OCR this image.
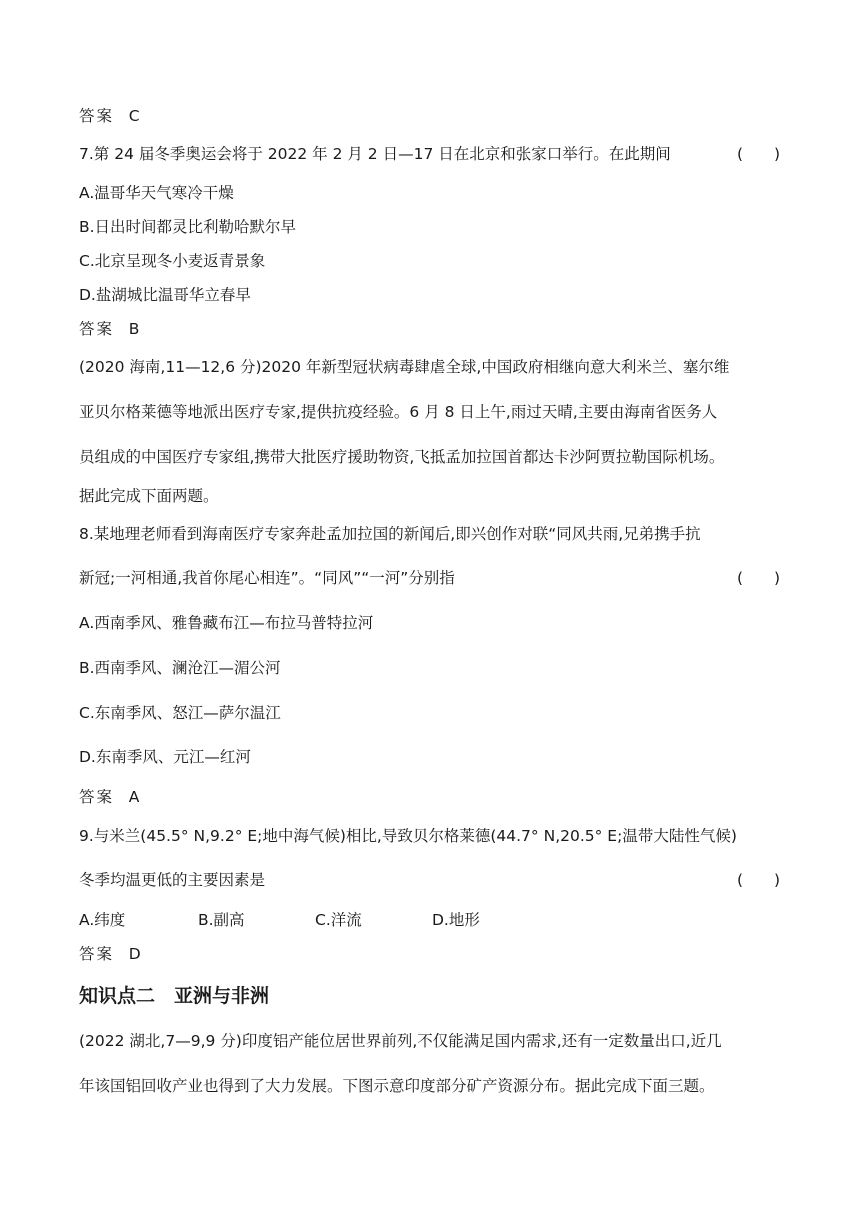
答案 C
7.第 24 届冬季奥运会将于 2022 年 2 月 2 日—17 日在北京和张家口举行。在此期间	(　　)
A.温哥华天气寒冷干燥
B.日出时间都灵比利勒哈默尔早
C.北京呈现冬小麦返青景象
D.盐湖城比温哥华立春早
答案 B
(2020 海南,11—12,6 分)2020 年新型冠状病毒肆虐全球,中国政府相继向意大利米兰、塞尔维
亚贝尔格莱德等地派出医疗专家,提供抗疫经验。6 月 8 日上午,雨过天晴,主要由海南省医务人
员组成的中国医疗专家组,携带大批医疗援助物资,飞抵孟加拉国首都达卡沙阿贾拉勒国际机场。
据此完成下面两题。
8.某地理老师看到海南医疗专家奔赴孟加拉国的新闻后,即兴创作对联“同风共雨,兄弟携手抗
新冠;一河相通,我首你尾心相连”。“同风”“一河”分别指	(　　)
A.西南季风、雅鲁藏布江—布拉马普特拉河
B.西南季风、澜沧江—湄公河
C.东南季风、怒江—萨尔温江
D.东南季风、元江—红河
答案 A
9.与米兰(45.5° N,9.2° E;地中海气候)相比,导致贝尔格莱德(44.7° N,20.5° E;温带大陆性气候)
冬季均温更低的主要因素是	(　　)
A.纬度	B.副高	C.洋流	D.地形
答案 D
知识点二　亚洲与非洲
(2022 湖北,7—9,9 分)印度铝产能位居世界前列,不仅能满足国内需求,还有一定数量出口,近几
年该国铝回收产业也得到了大力发展。下图示意印度部分矿产资源分布。据此完成下面三题。
